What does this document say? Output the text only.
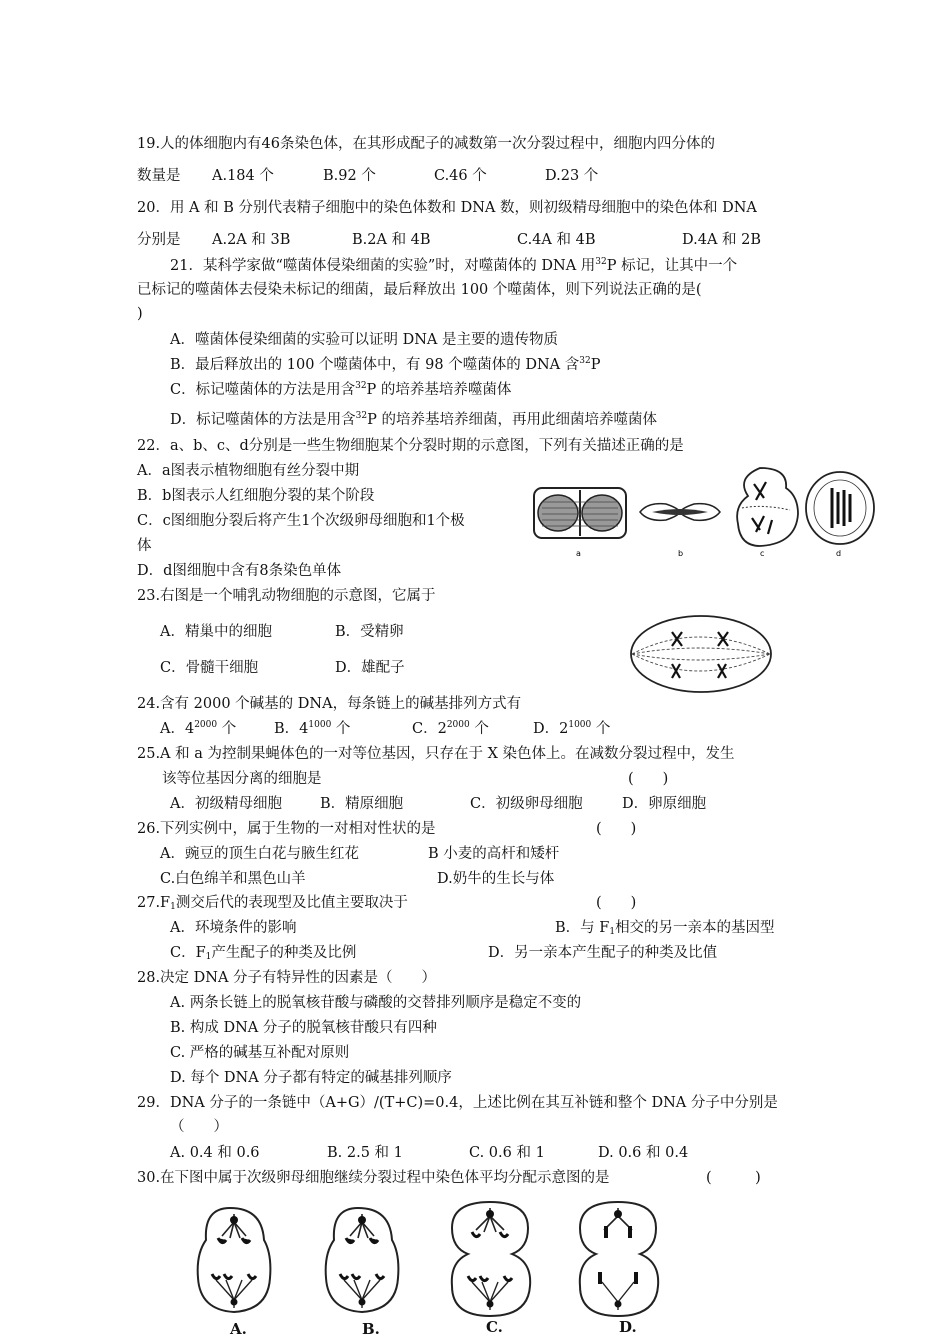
19.人的体细胞内有46条染色体，在其形成配子的减数第一次分裂过程中，细胞内四分体的
数量是 A.184 个	B.92 个	C.46 个	D.23 个
20．用 A 和 B 分别代表精子细胞中的染色体数和 DNA 数，则初级精母细胞中的染色体和 DNA
分别是 A.2A 和 3B	B.2A 和 4B	C.4A 和 4B	D.4A 和 2B
21．某科学家做“噬菌体侵染细菌的实验”时，对噬菌体的 DNA 用$^{32}$P 标记，让其中一个
已标记的噬菌体去侵染未标记的细菌，最后释放出 100 个噬菌体，则下列说法正确的是(
)
A．噬菌体侵染细菌的实验可以证明 DNA 是主要的遗传物质
B．最后释放出的 100 个噬菌体中，有 98 个噬菌体的 DNA 含$^{32}$P
C．标记噬菌体的方法是用含$^{32}$P 的培养基培养噬菌体
D．标记噬菌体的方法是用含$^{32}$P 的培养基培养细菌，再用此细菌培养噬菌体
22．a、b、c、d分别是一些生物细胞某个分裂时期的示意图，下列有关描述正确的是
A．a图表示植物细胞有丝分裂中期
B．b图表示人红细胞分裂的某个阶段
C．c图细胞分裂后将产生1个次级卵母细胞和1个极
体
D．d图细胞中含有8条染色单体
a	b	c	d
23.右图是一个哺乳动物细胞的示意图，它属于
A．精巢中的细胞	B．受精卵
C．骨髓干细胞	D．雄配子
24.含有 2000 个碱基的 DNA，每条链上的碱基排列方式有
A．$4^{2000}$ 个	B．$4^{1000}$ 个	C．$2^{2000}$ 个	D．$2^{1000}$ 个
25.A 和 a 为控制果蝇体色的一对等位基因，只存在于 X 染色体上。在减数分裂过程中，发生
该等位基因分离的细胞是	(　　)
A．初级精母细胞	B．精原细胞	C．初级卵母细胞	D．卵原细胞
26.下列实例中，属于生物的一对相对性状的是	(　　)
A．豌豆的顶生白花与腋生红花	B 小麦的高杆和矮杆
C.白色绵羊和黑色山羊	D.奶牛的生长与体
$27.F_1$测交后代的表现型及比值主要取决于	(　　)
A．环境条件的影响	B．与 $F_1$相交的另一亲本的基因型
C．$F_1$产生配子的种类及比例	D．另一亲本产生配子的种类及比值
28.决定 DNA 分子有特异性的因素是（　　）
A. 两条长链上的脱氧核苷酸与磷酸的交替排列顺序是稳定不变的
B. 构成 DNA 分子的脱氧核苷酸只有四种
C. 严格的碱基互补配对原则
D. 每个 DNA 分子都有特定的碱基排列顺序
29．DNA 分子的一条链中（A+G）/(T+C)=0.4，上述比例在其互补链和整个 DNA 分子中分别是
（　　）
A. 0.4 和 0.6	B. 2.5 和 1	C. 0.6 和 1	D. 0.6 和 0.4
30.在下图中属于次级卵母细胞继续分裂过程中染色体平均分配示意图的是	(　　　)
A.	B.	C.	D.
